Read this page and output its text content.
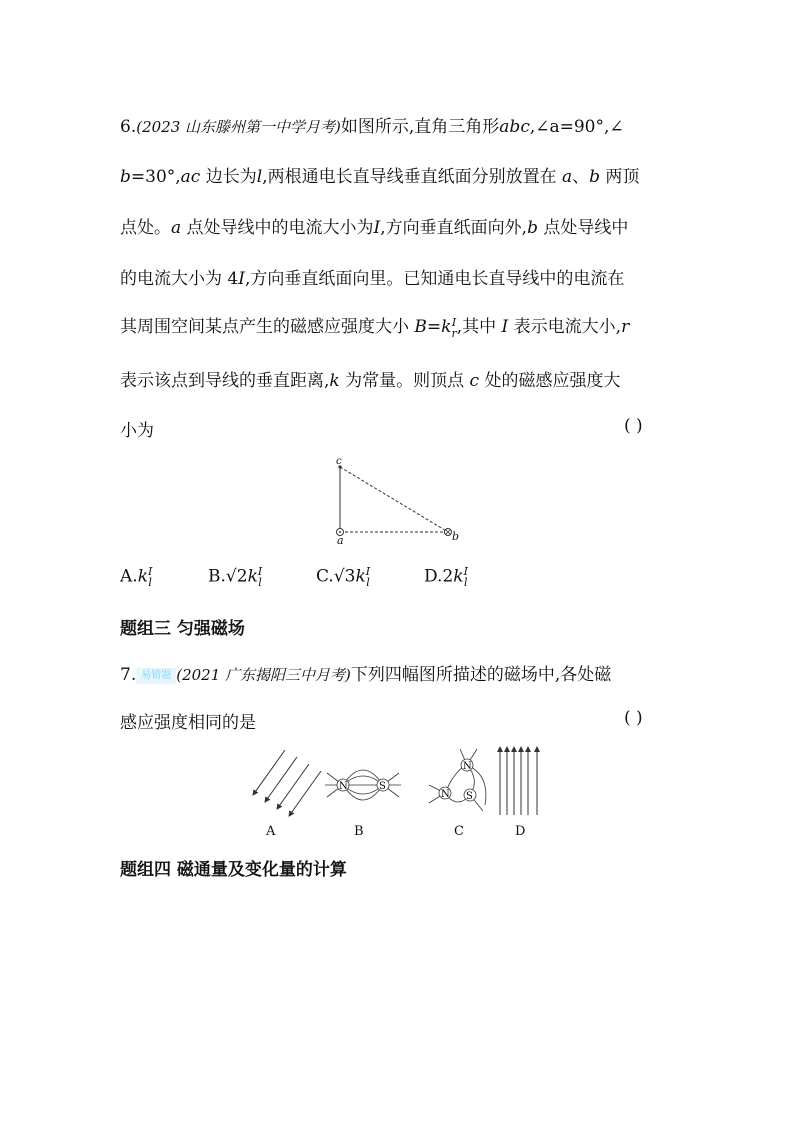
6.(2023 山东滕州第一中学月考)如图所示,直角三角形abc,∠a=90°,∠
b=30°,ac 边长为l,两根通电长直导线垂直纸面分别放置在 a、b 两顶
点处。a 点处导线中的电流大小为I,方向垂直纸面向外,b 点处导线中
的电流大小为 4I,方向垂直纸面向里。已知通电长直导线中的电流在
其周围空间某点产生的磁感应强度大小 B=k I
r ,其中 I 表示电流大小,r
表示该点到导线的垂直距离,k 为常量。则顶点 c 处的磁感应强度大
小为	( )
c
a	b
A.k I
l	B.√2k I
l	C.√3k I
l	D.2k I
l
题组三 匀强磁场
7. 易错题 (2021 广东揭阳三中月考)下列四幅图所描述的磁场中,各处磁
感应强度相同的是	( )
N	S
N
N S
A	B	C	D
题组四 磁通量及变化量的计算
